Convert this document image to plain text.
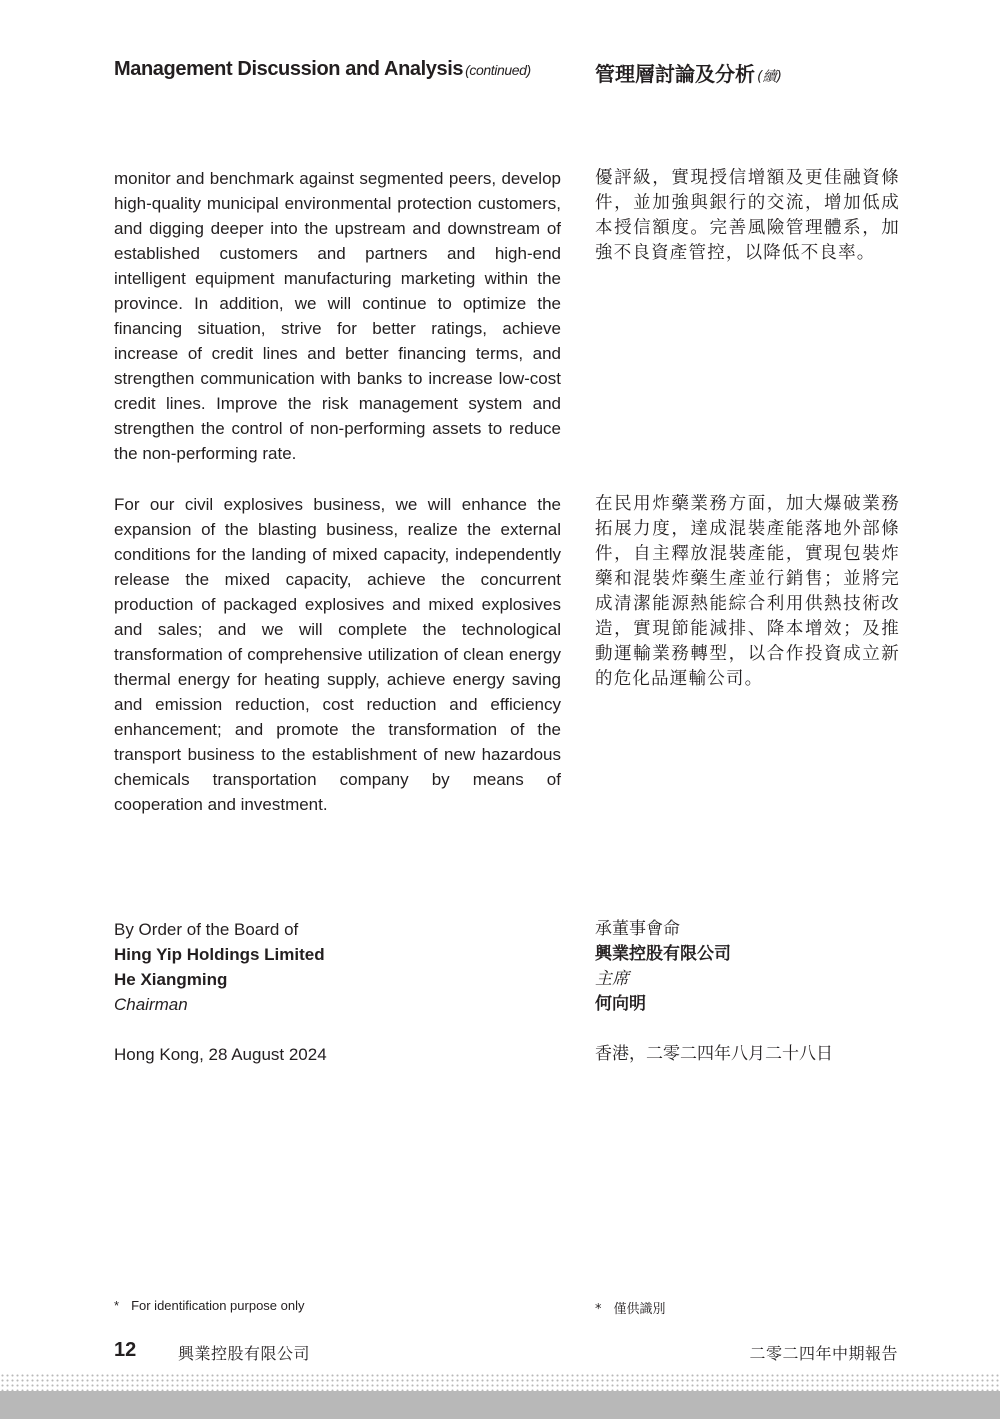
Management Discussion and Analysis (continued)	管理層討論及分析 (續)
monitor and benchmark against segmented peers, develop high-quality municipal environmental protection customers, and digging deeper into the upstream and downstream of established customers and partners and high-end intelligent equipment manufacturing marketing within the province. In addition, we will continue to optimize the financing situation, strive for better ratings, achieve increase of credit lines and better financing terms, and strengthen communication with banks to increase low-cost credit lines. Improve the risk management system and strengthen the control of non-performing assets to reduce the non-performing rate.
優評級，實現授信增額及更佳融資條件，並加強與銀行的交流，增加低成本授信額度。完善風險管理體系，加強不良資產管控，以降低不良率。
For our civil explosives business, we will enhance the expansion of the blasting business, realize the external conditions for the landing of mixed capacity, independently release the mixed capacity, achieve the concurrent production of packaged explosives and mixed explosives and sales; and we will complete the technological transformation of comprehensive utilization of clean energy thermal energy for heating supply, achieve energy saving and emission reduction, cost reduction and efficiency enhancement; and promote the transformation of the transport business to the establishment of new hazardous chemicals transportation company by means of cooperation and investment.
在民用炸藥業務方面，加大爆破業務拓展力度，達成混裝產能落地外部條件，自主釋放混裝產能，實現包裝炸藥和混裝炸藥生產並行銷售；並將完成清潔能源熱能綜合利用供熱技術改造，實現節能減排、降本增效；及推動運輸業務轉型，以合作投資成立新的危化品運輸公司。
By Order of the Board of
Hing Yip Holdings Limited
He Xiangming
Chairman
Hong Kong, 28 August 2024
承董事會命
興業控股有限公司
主席
何向明
香港，二零二四年八月二十八日
* For identification purpose only	* 僅供識別
12	興業控股有限公司	二零二四年中期報告
